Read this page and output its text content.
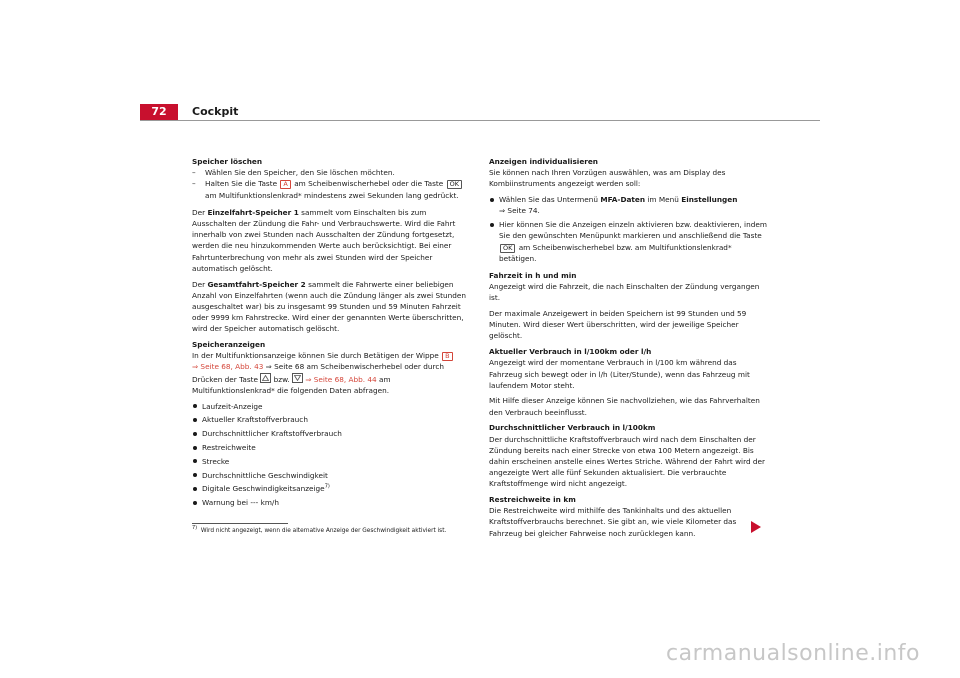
72	Cockpit

Speicher löschen

– Wählen Sie den Speicher, den Sie löschen möchten.

– Halten Sie die Taste A am Scheibenwischerhebel oder die Taste OK am Multifunktionslenkrad* mindestens zwei Sekunden lang gedrückt.

Der Einzelfahrt-Speicher 1 sammelt vom Einschalten bis zum Ausschalten der Zündung die Fahr- und Verbrauchswerte. Wird die Fahrt innerhalb von zwei Stunden nach Ausschalten der Zündung fortgesetzt, werden die neu hinzukommenden Werte auch berücksichtigt. Bei einer Fahrtunterbrechung von mehr als zwei Stunden wird der Speicher automatisch gelöscht.

Der Gesamtfahrt-Speicher 2 sammelt die Fahrwerte einer beliebigen Anzahl von Einzelfahrten (wenn auch die Zündung länger als zwei Stunden ausgeschaltet war) bis zu insgesamt 99 Stunden und 59 Minuten Fahrzeit oder 9999 km Fahrstrecke. Wird einer der genannten Werte überschritten, wird der Speicher automatisch gelöscht.

Speicheranzeigen

In der Multifunktionsanzeige können Sie durch Betätigen der Wippe B
⇒ Seite 68, Abb. 43 ⇒ Seite 68 am Scheibenwischerhebel oder durch Drücken der Taste
bzw.
⇒ Seite 68, Abb. 44 am Multifunktionslenkrad* die folgenden Daten abfragen.

Laufzeit-Anzeige

Aktueller Kraftstoffverbrauch

Durchschnittlicher Kraftstoffverbrauch

Restreichweite

Strecke

Durchschnittliche Geschwindigkeit

Digitale Geschwindigkeitsanzeige$^{7)}$

Warnung bei --- km/h

$^{7)}$ Wird nicht angezeigt, wenn die alternative Anzeige der Geschwindigkeit aktiviert ist.

Anzeigen individualisieren

Sie können nach Ihren Vorzügen auswählen, was am Display des Kombiinstruments angezeigt werden soll:

Wählen Sie das Untermenü MFA-Daten im Menü Einstellungen
⇒ Seite 74.

Hier können Sie die Anzeigen einzeln aktivieren bzw. deaktivieren, indem Sie den gewünschten Menüpunkt markieren und anschließend die Taste OK am Scheibenwischerhebel bzw. am Multifunktionslenkrad* betätigen.

Fahrzeit in h und min

Angezeigt wird die Fahrzeit, die nach Einschalten der Zündung vergangen ist.

Der maximale Anzeigewert in beiden Speichern ist 99 Stunden und 59 Minuten. Wird dieser Wert überschritten, wird der jeweilige Speicher gelöscht.

Aktueller Verbrauch in l/100km oder l/h

Angezeigt wird der momentane Verbrauch in l/100 km während das Fahrzeug sich bewegt oder in l/h (Liter/Stunde), wenn das Fahrzeug mit laufendem Motor steht.

Mit Hilfe dieser Anzeige können Sie nachvollziehen, wie das Fahrverhalten den Verbrauch beeinflusst.

Durchschnittlicher Verbrauch in l/100km

Der durchschnittliche Kraftstoffverbrauch wird nach dem Einschalten der Zündung bereits nach einer Strecke von etwa 100 Metern angezeigt. Bis dahin erscheinen anstelle eines Wertes Striche. Während der Fahrt wird der angezeigte Wert alle fünf Sekunden aktualisiert. Die verbrauchte Kraftstoffmenge wird nicht angezeigt.

Restreichweite in km

Die Restreichweite wird mithilfe des Tankinhalts und des aktuellen Kraftstoffverbrauchs berechnet. Sie gibt an, wie viele Kilometer das Fahrzeug bei gleicher Fahrweise noch zurücklegen kann.

carmanualsonline.info
